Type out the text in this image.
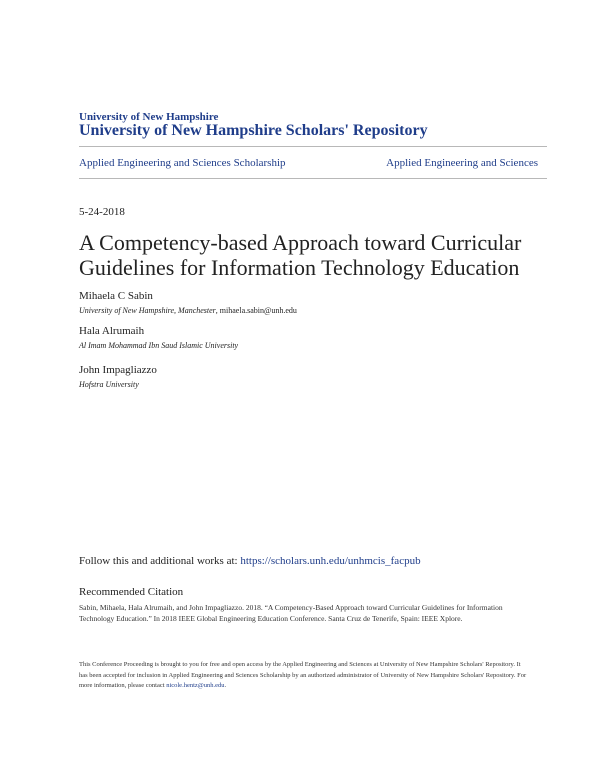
University of New Hampshire
University of New Hampshire Scholars' Repository
Applied Engineering and Sciences Scholarship	Applied Engineering and Sciences
5-24-2018
A Competency-based Approach toward Curricular Guidelines for Information Technology Education
Mihaela C Sabin
University of New Hampshire, Manchester, mihaela.sabin@unh.edu
Hala Alrumaih
Al Imam Mohammad Ibn Saud Islamic University
John Impagliazzo
Hofstra University
Follow this and additional works at: https://scholars.unh.edu/unhmcis_facpub
Recommended Citation
Sabin, Mihaela, Hala Alrumaih, and John Impagliazzo. 2018. “A Competency-Based Approach toward Curricular Guidelines for Information Technology Education.” In 2018 IEEE Global Engineering Education Conference. Santa Cruz de Tenerife, Spain: IEEE Xplore.
This Conference Proceeding is brought to you for free and open access by the Applied Engineering and Sciences at University of New Hampshire Scholars' Repository. It has been accepted for inclusion in Applied Engineering and Sciences Scholarship by an authorized administrator of University of New Hampshire Scholars' Repository. For more information, please contact nicole.hentz@unh.edu.
